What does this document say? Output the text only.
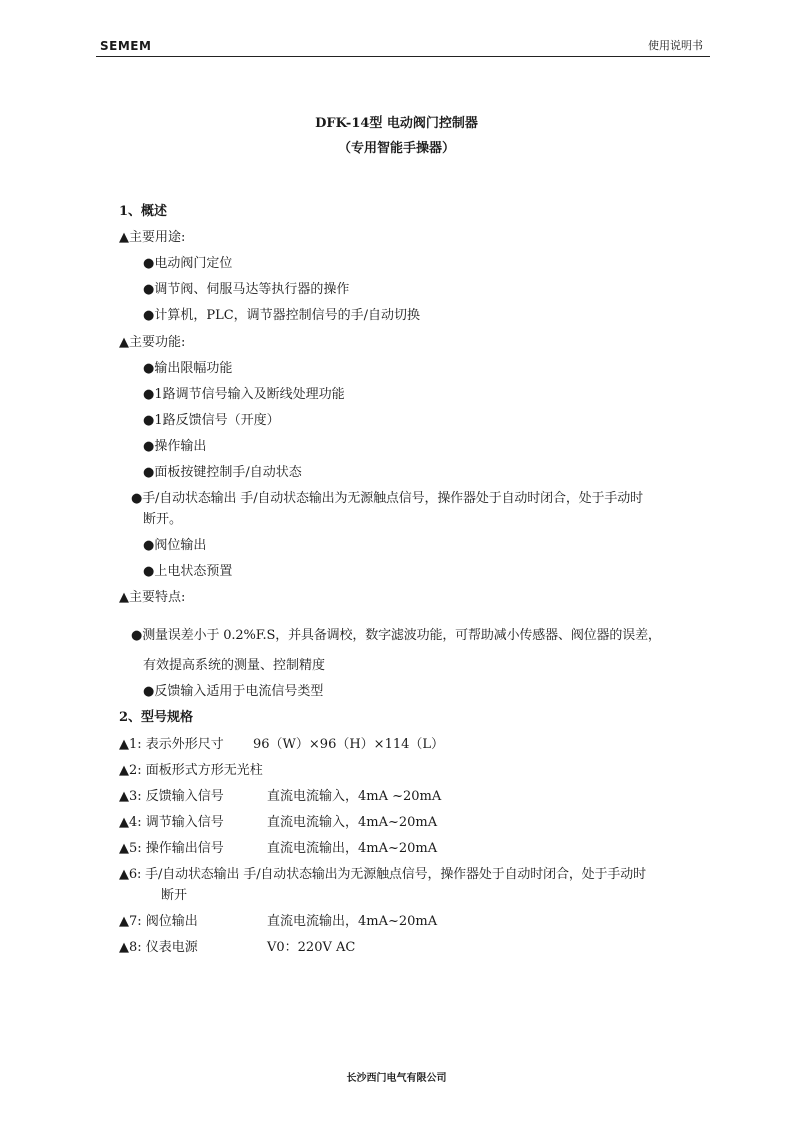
SEMEM	使用说明书
DFK-14型 电动阀门控制器
（专用智能手操器）
1、概述
▲主要用途:
●电动阀门定位
●调节阀、伺服马达等执行器的操作
●计算机，PLC，调节器控制信号的手/自动切换
▲主要功能:
●输出限幅功能
●1路调节信号输入及断线处理功能
●1路反馈信号（开度）
●操作输出
●面板按键控制手/自动状态
●手/自动状态输出 手/自动状态输出为无源触点信号，操作器处于自动时闭合，处于手动时
断开。
●阀位输出
●上电状态预置
▲主要特点:
●测量误差小于 0.2%F.S，并具备调校，数字滤波功能，可帮助减小传感器、阀位器的误差，
有效提高系统的测量、控制精度
●反馈输入适用于电流信号类型
2、型号规格
▲1: 表示外形尺寸 96（W）×96（H）×114（L）
▲2: 面板形式方形无光柱
▲3: 反馈输入信号	直流电流输入，4mA ~20mA
▲4: 调节输入信号	直流电流输入，4mA~20mA
▲5: 操作输出信号	直流电流输出，4mA~20mA
▲6: 手/自动状态输出 手/自动状态输出为无源触点信号，操作器处于自动时闭合，处于手动时
断开
▲7: 阀位输出	直流电流输出，4mA~20mA
▲8: 仪表电源	V0：220V AC
长沙西门电气有限公司
